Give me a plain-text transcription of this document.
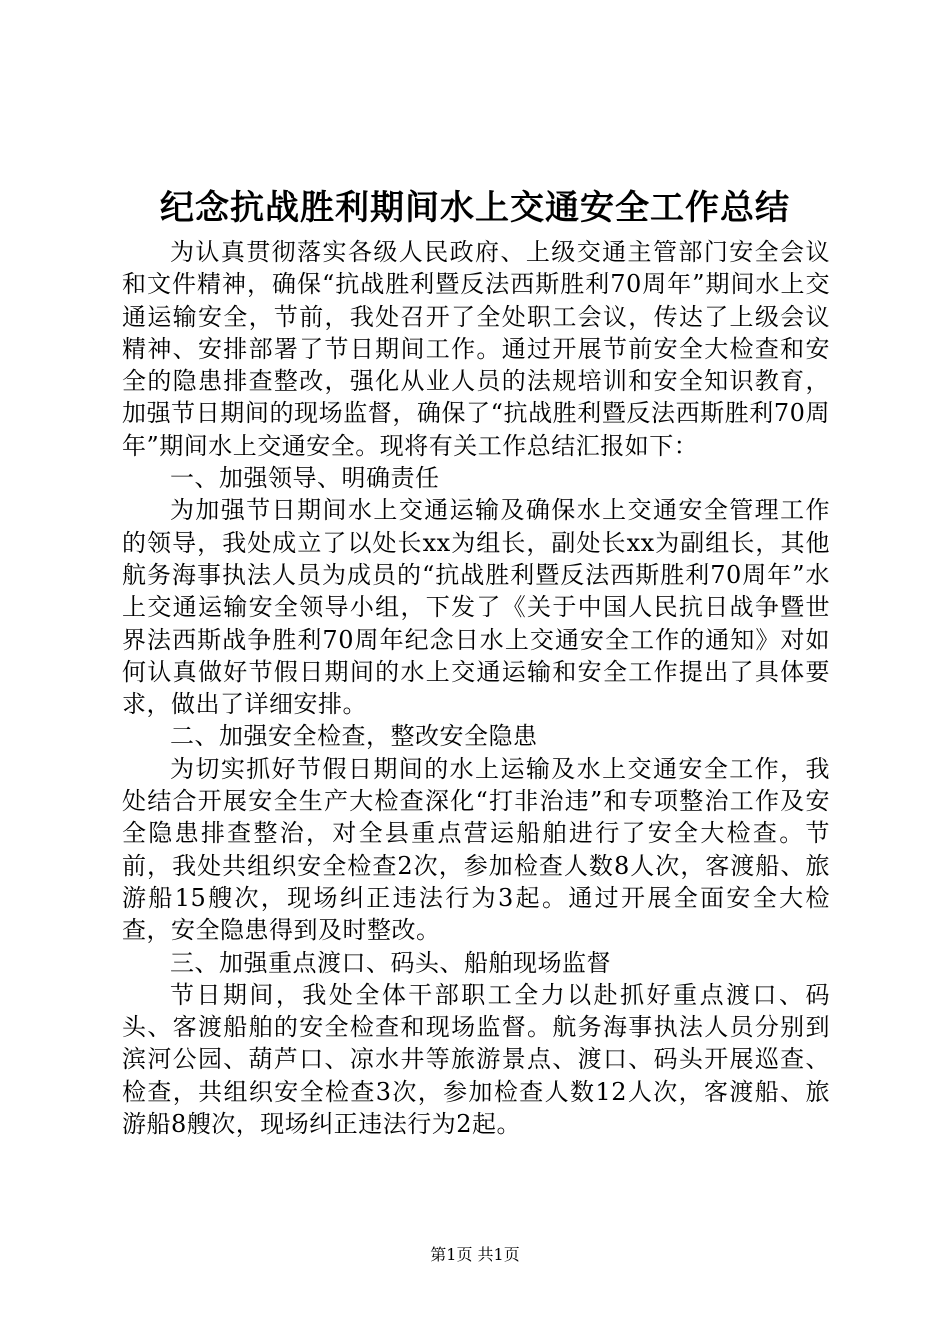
纪念抗战胜利期间水上交通安全工作总结

为认真贯彻落实各级人民政府、上级交通主管部门安全会议和文件精神，确保“抗战胜利暨反法西斯胜利70周年”期间水上交通运输安全，节前，我处召开了全处职工会议，传达了上级会议精神、安排部署了节日期间工作。通过开展节前安全大检查和安全的隐患排查整改，强化从业人员的法规培训和安全知识教育，加强节日期间的现场监督，确保了“抗战胜利暨反法西斯胜利70周年”期间水上交通安全。现将有关工作总结汇报如下：

一、加强领导、明确责任

为加强节日期间水上交通运输及确保水上交通安全管理工作的领导，我处成立了以处长xx为组长，副处长xx为副组长，其他航务海事执法人员为成员的“抗战胜利暨反法西斯胜利70周年”水上交通运输安全领导小组，下发了《关于中国人民抗日战争暨世界法西斯战争胜利70周年纪念日水上交通安全工作的通知》对如何认真做好节假日期间的水上交通运输和安全工作提出了具体要求，做出了详细安排。

二、加强安全检查，整改安全隐患

为切实抓好节假日期间的水上运输及水上交通安全工作，我处结合开展安全生产大检查深化“打非治违”和专项整治工作及安全隐患排查整治，对全县重点营运船舶进行了安全大检查。节前，我处共组织安全检查2次，参加检查人数8人次，客渡船、旅游船15艘次，现场纠正违法行为3起。通过开展全面安全大检查，安全隐患得到及时整改。

三、加强重点渡口、码头、船舶现场监督

节日期间，我处全体干部职工全力以赴抓好重点渡口、码头、客渡船舶的安全检查和现场监督。航务海事执法人员分别到滨河公园、葫芦口、凉水井等旅游景点、渡口、码头开展巡查、检查，共组织安全检查3次，参加检查人数12人次，客渡船、旅游船8艘次，现场纠正违法行为2起。

第1页 共1页
